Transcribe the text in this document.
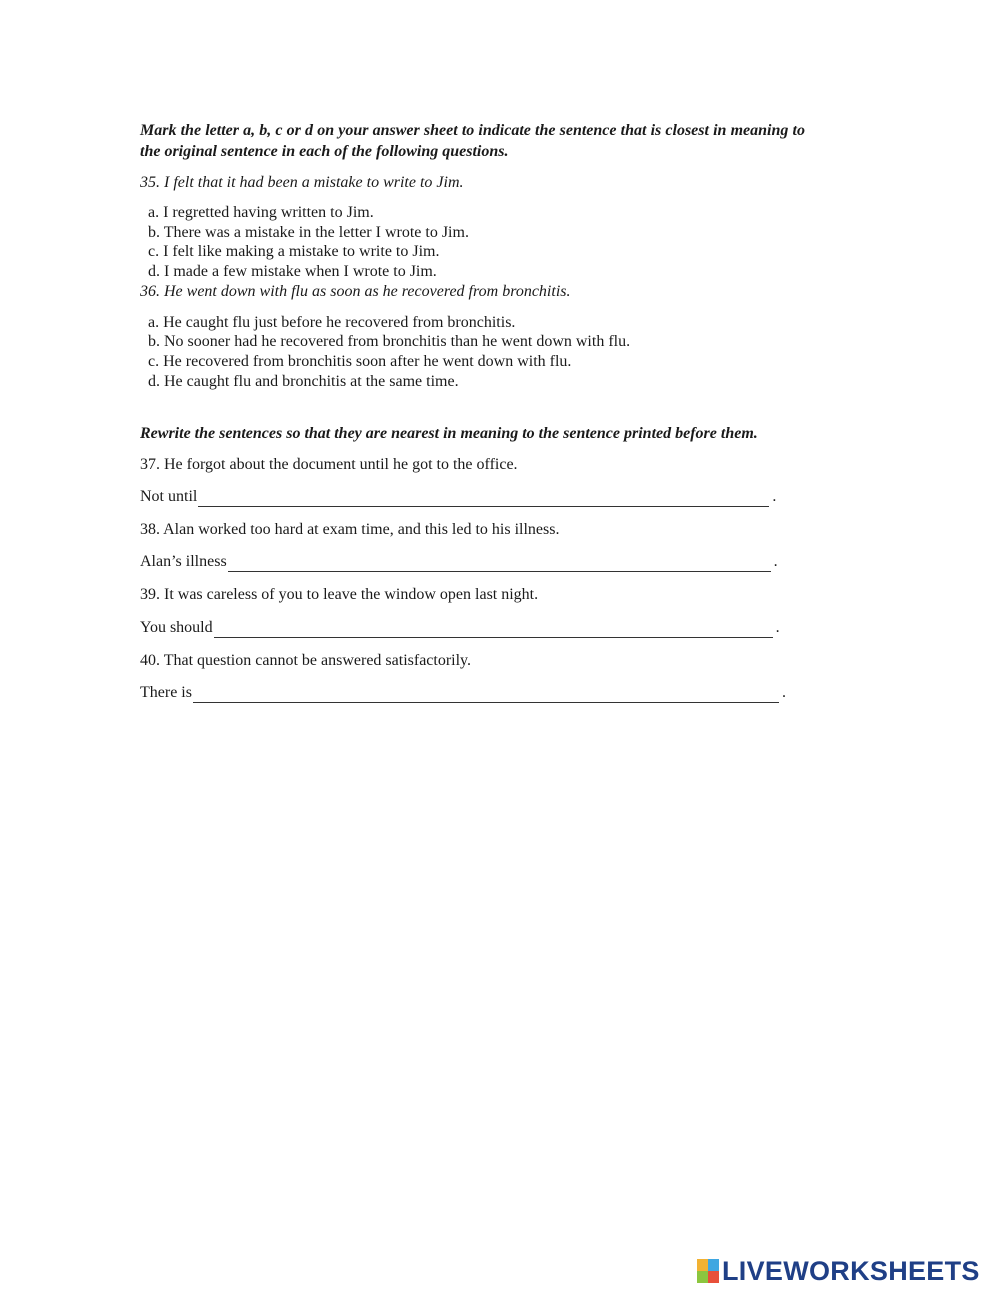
Mark the letter a, b, c or d on your answer sheet to indicate the sentence that is closest in meaning to the original sentence in each of the following questions.
35. I felt that it had been a mistake to write to Jim.
a. I regretted having written to Jim.
b. There was a mistake in the letter I wrote to Jim.
c. I felt like making a mistake to write to Jim.
d. I made a few mistake when I wrote to Jim.
36. He went down with flu as soon as he recovered from bronchitis.
a. He caught flu just before he recovered from bronchitis.
b. No sooner had he recovered from bronchitis than he went down with flu.
c. He recovered from bronchitis soon after he went down with flu.
d. He caught flu and bronchitis at the same time.
Rewrite the sentences so that they are nearest in meaning to the sentence printed before them.
37. He forgot about the document until he got to the office.
Not until	.
38. Alan worked too hard at exam time, and this led to his illness.
Alan’s illness	.
39. It was careless of you to leave the window open last night.
You should	.
40. That question cannot be answered satisfactorily.
There is	.
LIVEWORKSHEETS
